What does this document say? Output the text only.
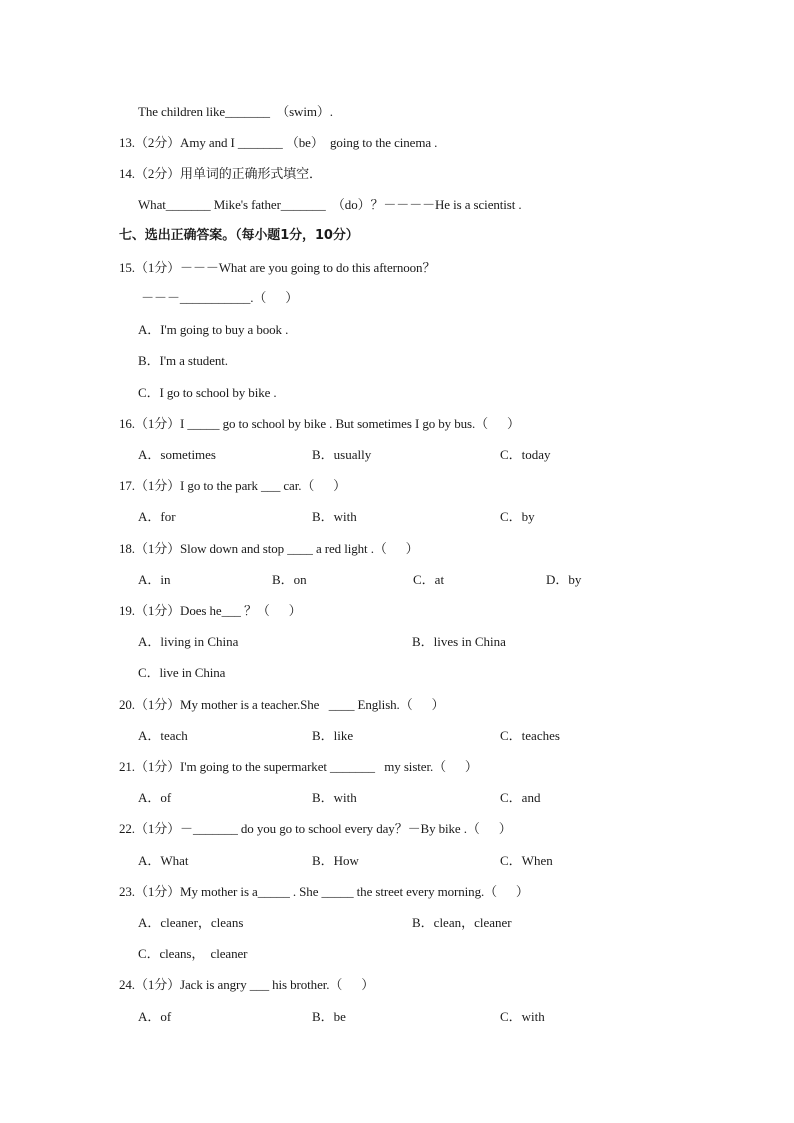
The children like_______  （swim）.
13.（2分）Amy and I _______ （be）  going to the cinema .
14.（2分）用单词的正确形式填空．
What_______ Mike's father_______  （do）？－－－－He is a scientist .
七、选出正确答案。（每小题1分，10分）
15.（1分）－－－What are you going to do this afternoon？
－－－___________.（      ）
A．I'm going to buy a book .
B．I'm a student.
C．I go to school by bike .
16.（1分）I _____ go to school by bike . But sometimes I go by bus.（      ）
A．sometimes	B．usually	C．today
17.（1分）I go to the park ___ car.（      ）
A．for	B．with	C．by
18.（1分）Slow down and stop ____ a red light .（      ）
A．in	B．on	C．at	D．by
19.（1分）Does he___ ？（      ）
A．living in China	B．lives in China
C．live in China
20.（1分）My mother is a teacher.She   ____ English.（      ）
A．teach	B．like	C．teaches
21.（1分）I'm going to the supermarket _______   my sister.（      ）
A．of	B．with	C．and
22.（1分）－_______ do you go to school every day？－By bike .（      ）
A．What	B．How	C．When
23.（1分）My mother is a_____ . She _____ the street every morning.（      ）
A．cleaner，cleans	B．clean，cleaner
C．cleans，  cleaner
24.（1分）Jack is angry ___ his brother.（      ）
A．of	B．be	C．with
